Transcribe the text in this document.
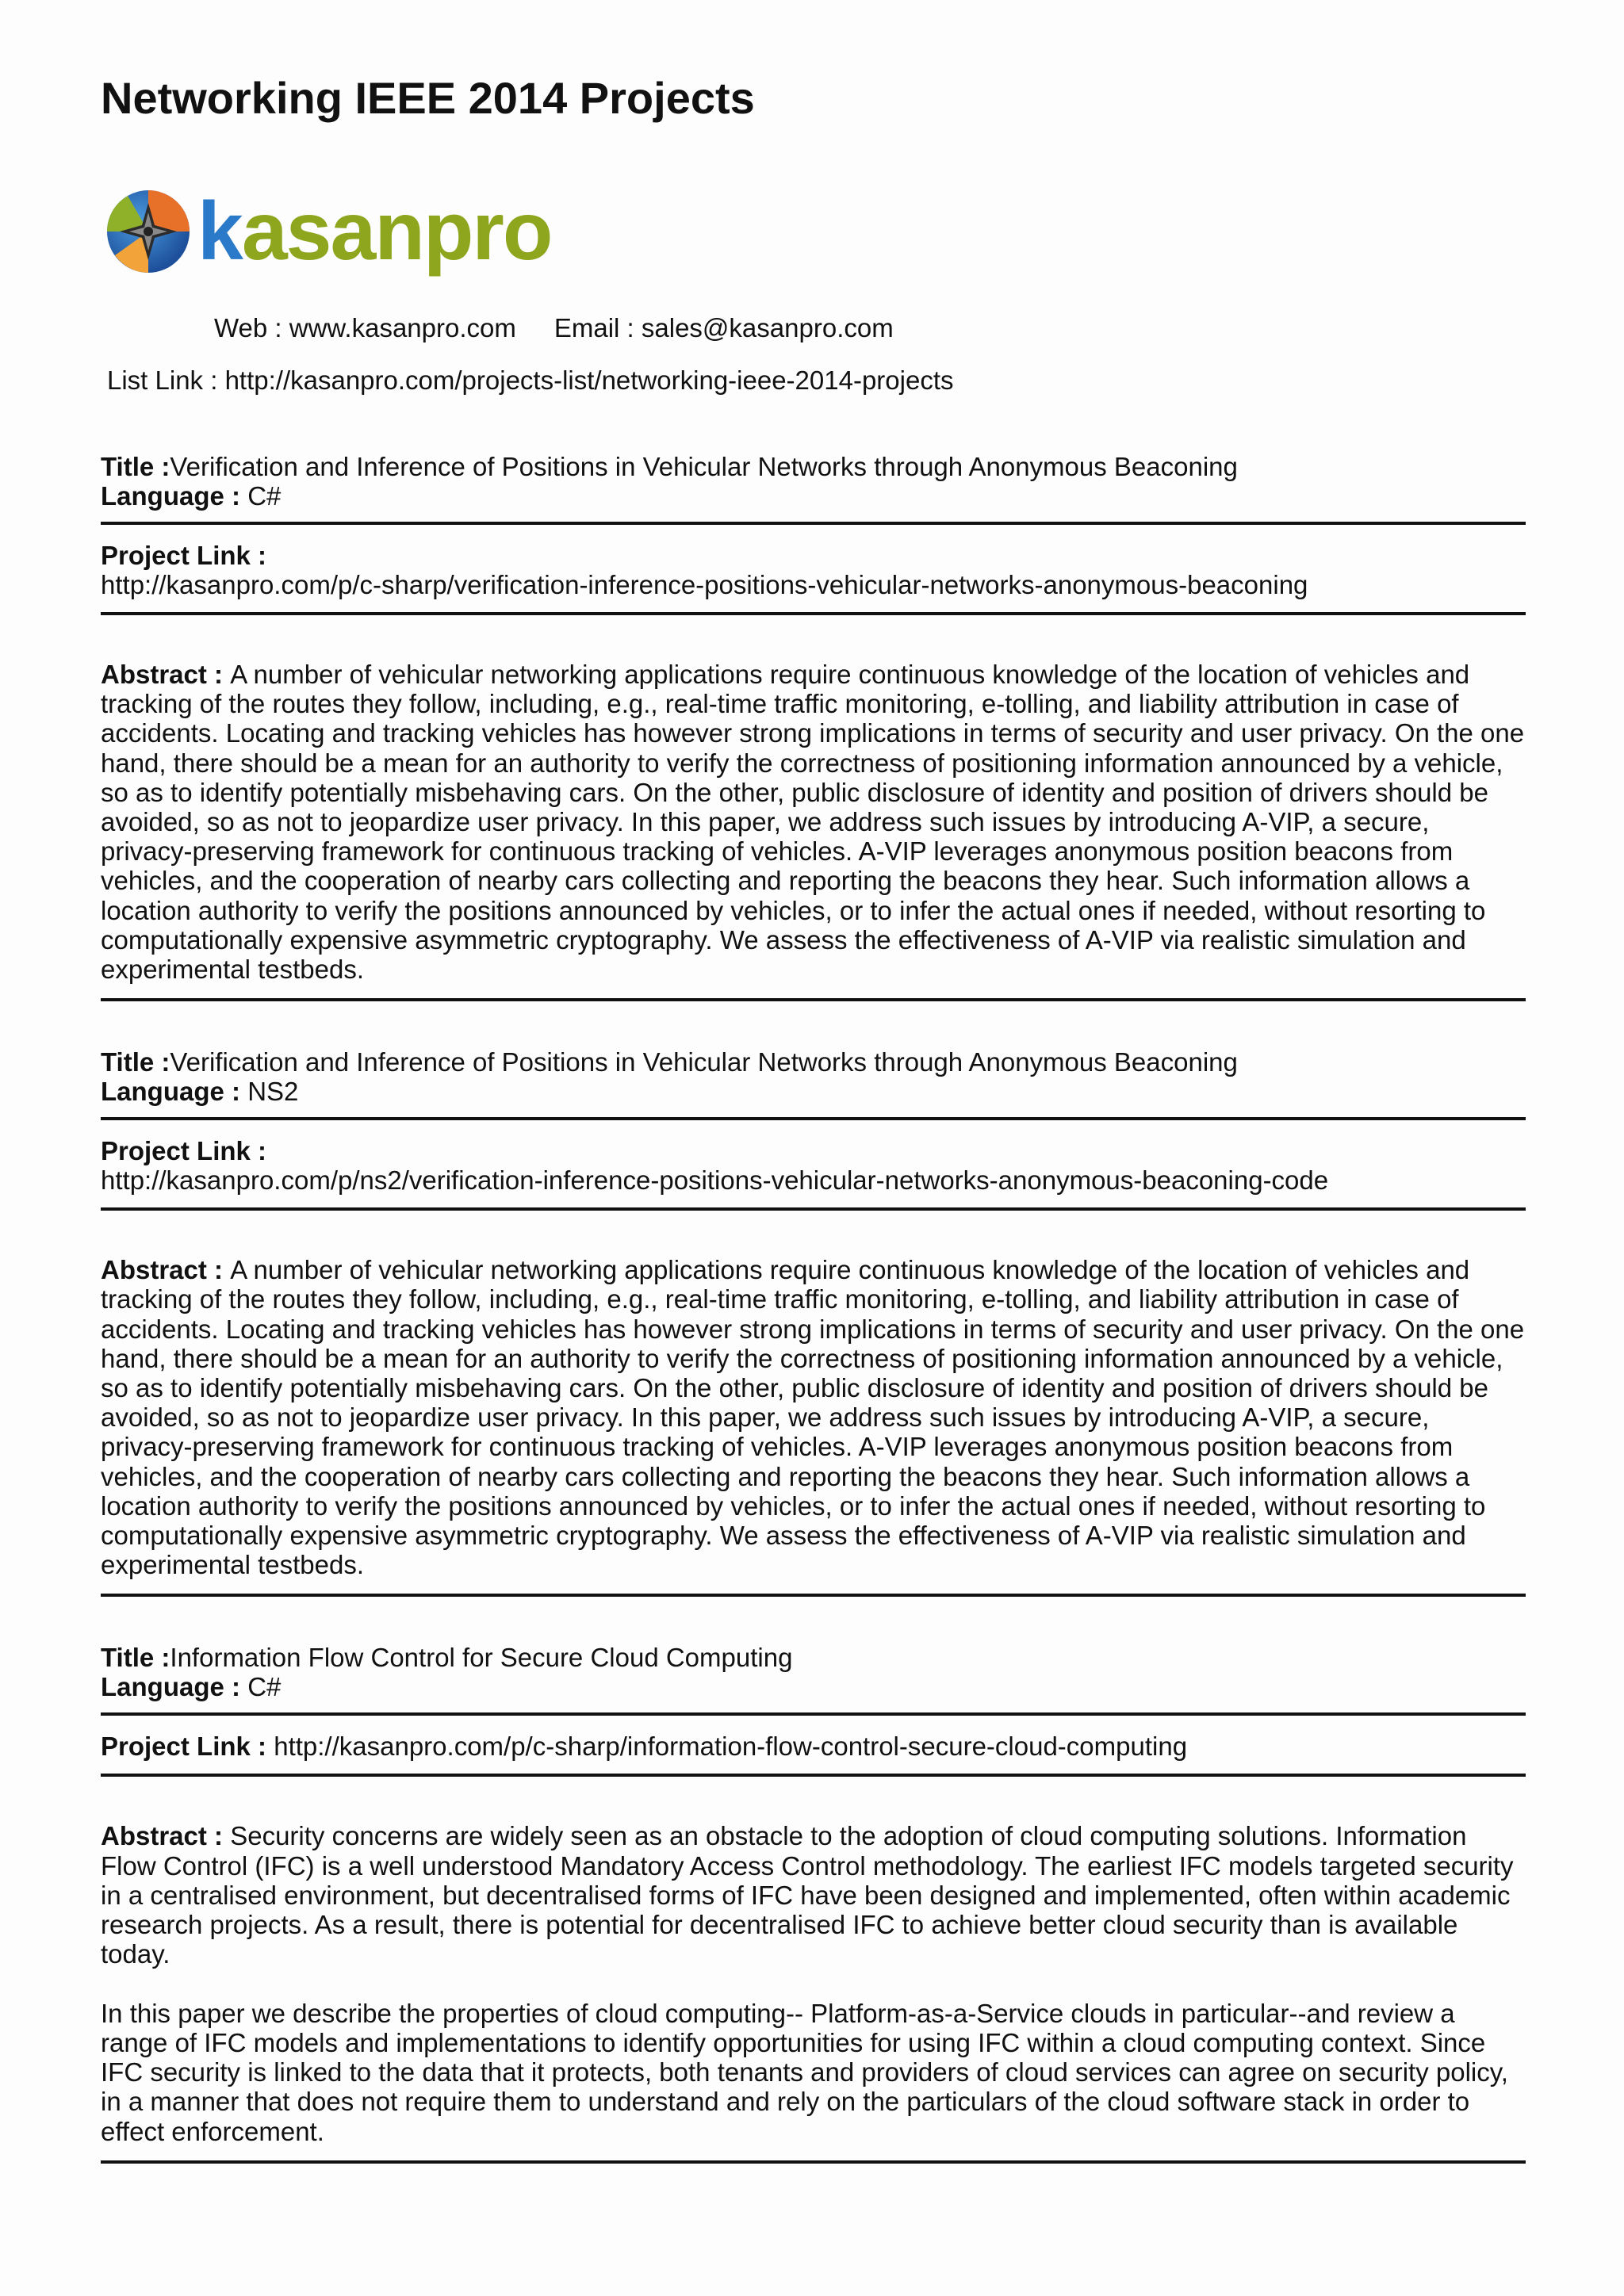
Networking IEEE 2014 Projects
kasanpro
Web : www.kasanpro.com Email : sales@kasanpro.com
List Link : http://kasanpro.com/projects-list/networking-ieee-2014-projects
Title :Verification and Inference of Positions in Vehicular Networks through Anonymous Beaconing
Language : C#
Project Link :
http://kasanpro.com/p/c-sharp/verification-inference-positions-vehicular-networks-anonymous-beaconing
Abstract : A number of vehicular networking applications require continuous knowledge of the location of vehicles and tracking of the routes they follow, including, e.g., real-time traffic monitoring, e-tolling, and liability attribution in case of accidents. Locating and tracking vehicles has however strong implications in terms of security and user privacy. On the one hand, there should be a mean for an authority to verify the correctness of positioning information announced by a vehicle, so as to identify potentially misbehaving cars. On the other, public disclosure of identity and position of drivers should be avoided, so as not to jeopardize user privacy. In this paper, we address such issues by introducing A-VIP, a secure, privacy-preserving framework for continuous tracking of vehicles. A-VIP leverages anonymous position beacons from vehicles, and the cooperation of nearby cars collecting and reporting the beacons they hear. Such information allows a location authority to verify the positions announced by vehicles, or to infer the actual ones if needed, without resorting to computationally expensive asymmetric cryptography. We assess the effectiveness of A-VIP via realistic simulation and experimental testbeds.
Title :Verification and Inference of Positions in Vehicular Networks through Anonymous Beaconing
Language : NS2
Project Link :
http://kasanpro.com/p/ns2/verification-inference-positions-vehicular-networks-anonymous-beaconing-code
Abstract : A number of vehicular networking applications require continuous knowledge of the location of vehicles and tracking of the routes they follow, including, e.g., real-time traffic monitoring, e-tolling, and liability attribution in case of accidents. Locating and tracking vehicles has however strong implications in terms of security and user privacy. On the one hand, there should be a mean for an authority to verify the correctness of positioning information announced by a vehicle, so as to identify potentially misbehaving cars. On the other, public disclosure of identity and position of drivers should be avoided, so as not to jeopardize user privacy. In this paper, we address such issues by introducing A-VIP, a secure, privacy-preserving framework for continuous tracking of vehicles. A-VIP leverages anonymous position beacons from vehicles, and the cooperation of nearby cars collecting and reporting the beacons they hear. Such information allows a location authority to verify the positions announced by vehicles, or to infer the actual ones if needed, without resorting to computationally expensive asymmetric cryptography. We assess the effectiveness of A-VIP via realistic simulation and experimental testbeds.
Title :Information Flow Control for Secure Cloud Computing
Language : C#
Project Link : http://kasanpro.com/p/c-sharp/information-flow-control-secure-cloud-computing
Abstract : Security concerns are widely seen as an obstacle to the adoption of cloud computing solutions. Information Flow Control (IFC) is a well understood Mandatory Access Control methodology. The earliest IFC models targeted security in a centralised environment, but decentralised forms of IFC have been designed and implemented, often within academic research projects. As a result, there is potential for decentralised IFC to achieve better cloud security than is available today.

In this paper we describe the properties of cloud computing-- Platform-as-a-Service clouds in particular--and review a range of IFC models and implementations to identify opportunities for using IFC within a cloud computing context. Since IFC security is linked to the data that it protects, both tenants and providers of cloud services can agree on security policy, in a manner that does not require them to understand and rely on the particulars of the cloud software stack in order to effect enforcement.
